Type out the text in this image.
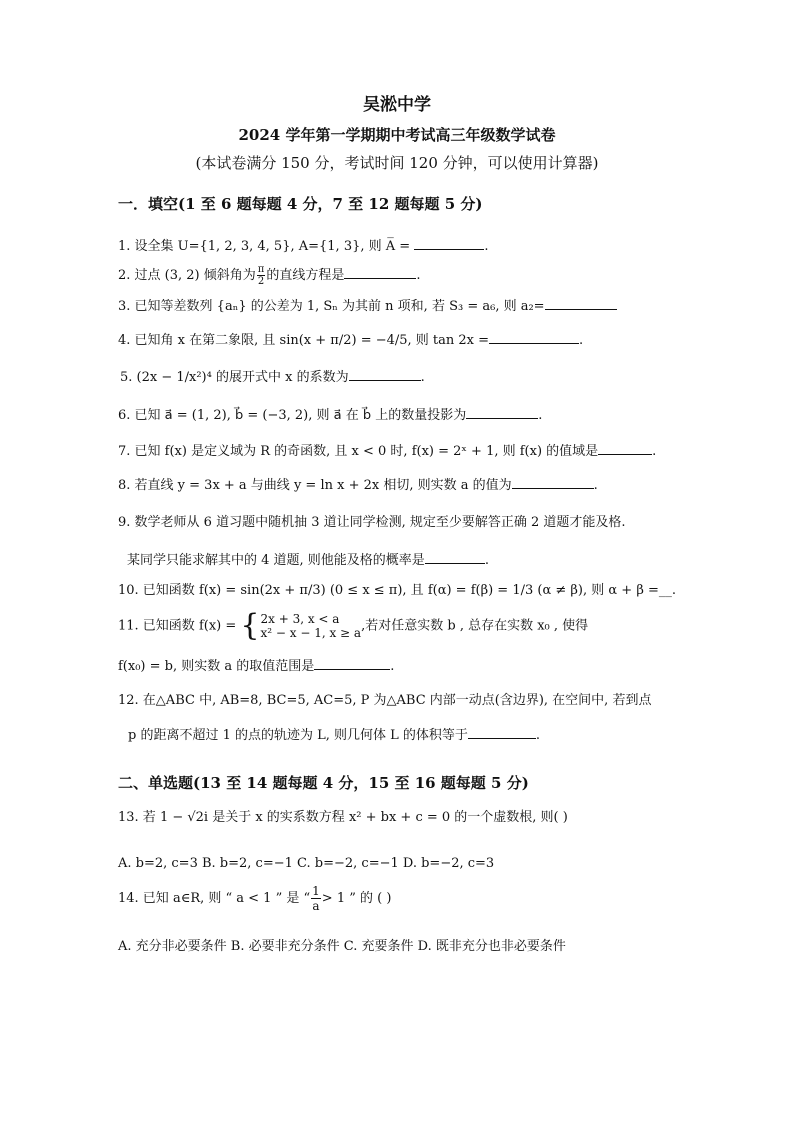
吴淞中学
2024 学年第一学期期中考试高三年级数学试卷
(本试卷满分 150 分，考试时间 120 分钟，可以使用计算器)
一．填空(1 至 6 题每题 4 分，7 至 12 题每题 5 分)
1. 设全集 U={1, 2, 3, 4, 5}, A={1, 3}, 则 A̅ =	.
2. 过点 (3, 2) 倾斜角为 $\frac{\pi}{2}$ 的直线方程是	.
3. 已知等差数列 {aₙ} 的公差为 1, Sₙ 为其前 n 项和, 若 S₃ = a₆, 则 a₂=
4. 已知角 x 在第二象限, 且 sin(x + π/2) = −4/5, 则 tan 2x =	.
5. (2x − 1/x²)⁴ 的展开式中 x 的系数为	.
6. 已知 a⃗ = (1, 2), b⃗ = (−3, 2), 则 a⃗ 在 b⃗ 上的数量投影为	.
7. 已知 f(x) 是定义域为 R 的奇函数, 且 x < 0 时, f(x) = 2ˣ + 1, 则 f(x) 的值域是	.
8. 若直线 y = 3x + a 与曲线 y = ln x + 2x 相切, 则实数 a 的值为	.
9. 数学老师从 6 道习题中随机抽 3 道让同学检测, 规定至少要解答正确 2 道题才能及格.
某同学只能求解其中的 4 道题, 则他能及格的概率是	.
10. 已知函数 f(x) = sin(2x + π/3) (0 ≤ x ≤ π), 且 f(α) = f(β) = 1/3 (α ≠ β), 则 α + β =__.
11. 已知函数 f(x) = {2x + 3, x < a
x² − x − 1, x ≥ a,若对任意实数 b , 总存在实数 x₀ , 使得
f(x₀) = b, 则实数 a 的取值范围是	.
12. 在△ABC 中, AB=8, BC=5, AC=5, P 为△ABC 内部一动点(含边界), 在空间中, 若到点
p 的距离不超过 1 的点的轨迹为 L, 则几何体 L 的体积等于	.
二、单选题(13 至 14 题每题 4 分，15 至 16 题每题 5 分)
13. 若 1 − √2i 是关于 x 的实系数方程 x² + bx + c = 0 的一个虚数根, 则( )
A. b=2, c=3 B. b=2, c=−1 C. b=−2, c=−1 D. b=−2, c=3
14. 已知 a∈R, 则 “ a < 1 ” 是 “ $\frac{1}{a} > 1$ ” 的 ( )
A. 充分非必要条件 B. 必要非充分条件 C. 充要条件 D. 既非充分也非必要条件
